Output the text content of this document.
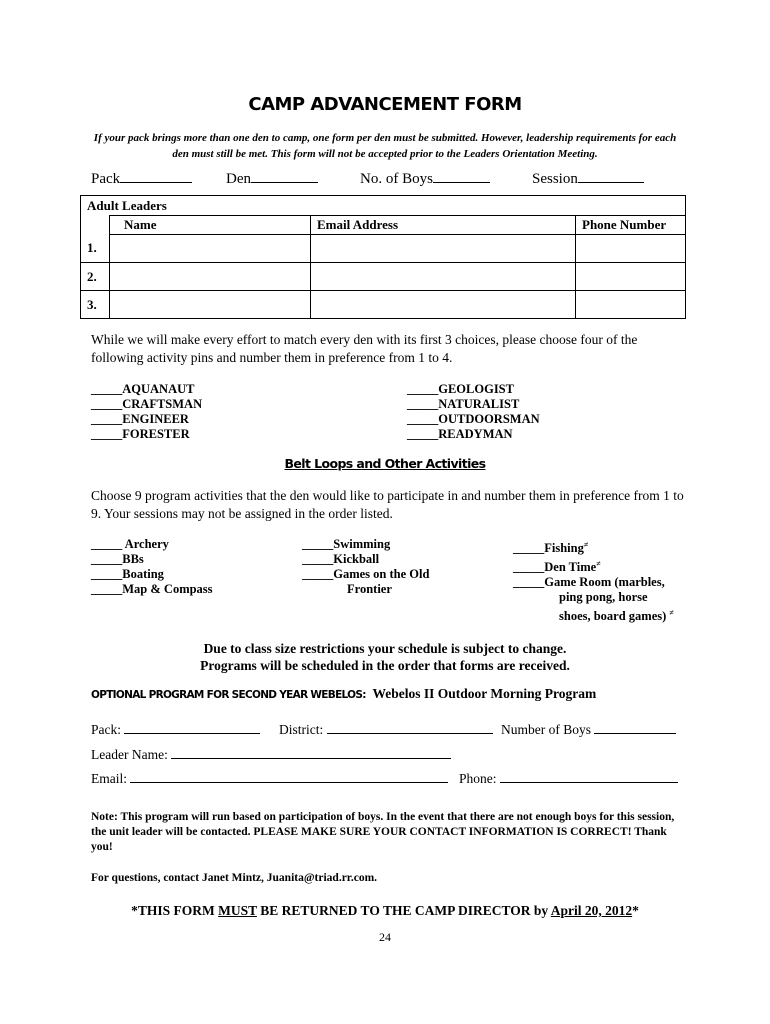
CAMP ADVANCEMENT FORM
If your pack brings more than one den to camp, one form per den must be submitted. However, leadership requirements for each den must still be met. This form will not be accepted prior to the Leaders Orientation Meeting.
Pack	Den	No. of Boys	Session
Adult Leaders			
	Name	Email Address	Phone Number
1.			
2.			
3.			
While we will make every effort to match every den with its first 3 choices, please choose four of the following activity pins and number them in preference from 1 to 4.
_____AQUANAUT
_____CRAFTSMAN
_____ENGINEER
_____FORESTER
_____GEOLOGIST
_____NATURALIST
_____OUTDOORSMAN
_____READYMAN
Belt Loops and Other Activities
Choose 9 program activities that the den would like to participate in and number them in preference from 1 to 9. Your sessions may not be assigned in the order listed.
_____ Archery
_____BBs
_____Boating
_____Map & Compass
_____Swimming
_____Kickball
_____Games on the Old
Frontier
_____Fishing≠
_____Den Time≠
_____Game Room (marbles,
ping pong, horse
shoes, board games) ≠
Due to class size restrictions your schedule is subject to change.
Programs will be scheduled in the order that forms are received.
OPTIONAL PROGRAM FOR SECOND YEAR WEBELOS: Webelos II Outdoor Morning Program
Pack:	District:	Number of Boys
Leader Name:
Email:	Phone:
Note: This program will run based on participation of boys. In the event that there are not enough boys for this session, the unit leader will be contacted. PLEASE MAKE SURE YOUR CONTACT INFORMATION IS CORRECT! Thank you!
For questions, contact Janet Mintz, Juanita@triad.rr.com.
*THIS FORM MUST BE RETURNED TO THE CAMP DIRECTOR by April 20, 2012*
24
